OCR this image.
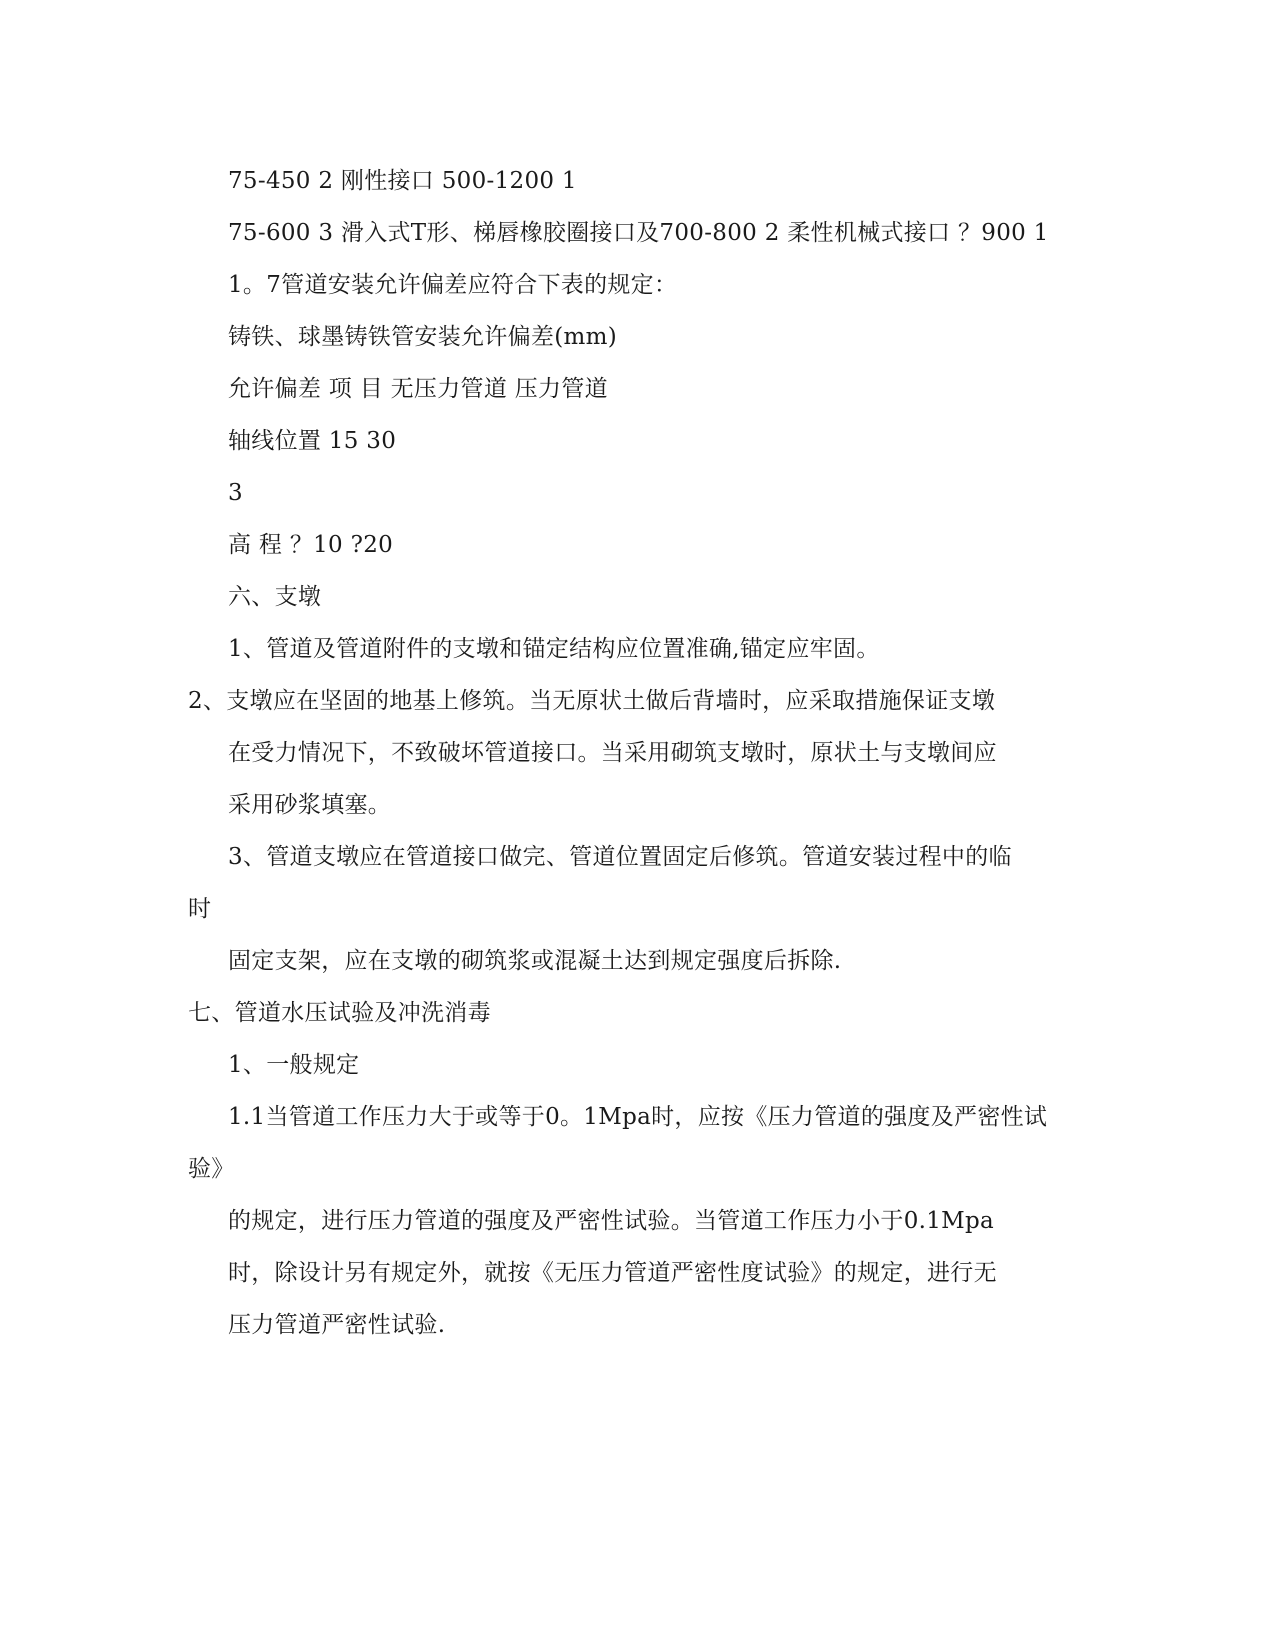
75-450 2 刚性接口 500-1200 1
75-600 3 滑入式T形、梯唇橡胶圈接口及700-800 2 柔性机械式接口 ？900 1
1。7管道安装允许偏差应符合下表的规定：
铸铁、球墨铸铁管安装允许偏差(mm)
允许偏差 项 目 无压力管道 压力管道
轴线位置 15 30
3
高 程 ？10 ?20
六、支墩
1、管道及管道附件的支墩和锚定结构应位置准确,锚定应牢固。
2、支墩应在坚固的地基上修筑。当无原状土做后背墙时，应采取措施保证支墩
在受力情况下，不致破坏管道接口。当采用砌筑支墩时，原状土与支墩间应
采用砂浆填塞。
3、管道支墩应在管道接口做完、管道位置固定后修筑。管道安装过程中的临
时
固定支架，应在支墩的砌筑浆或混凝土达到规定强度后拆除.
七、管道水压试验及冲洗消毒
1、一般规定
1.1当管道工作压力大于或等于0。1Mpa时，应按《压力管道的强度及严密性试
验》
的规定，进行压力管道的强度及严密性试验。当管道工作压力小于0.1Mpa
时，除设计另有规定外，就按《无压力管道严密性度试验》的规定，进行无
压力管道严密性试验.
